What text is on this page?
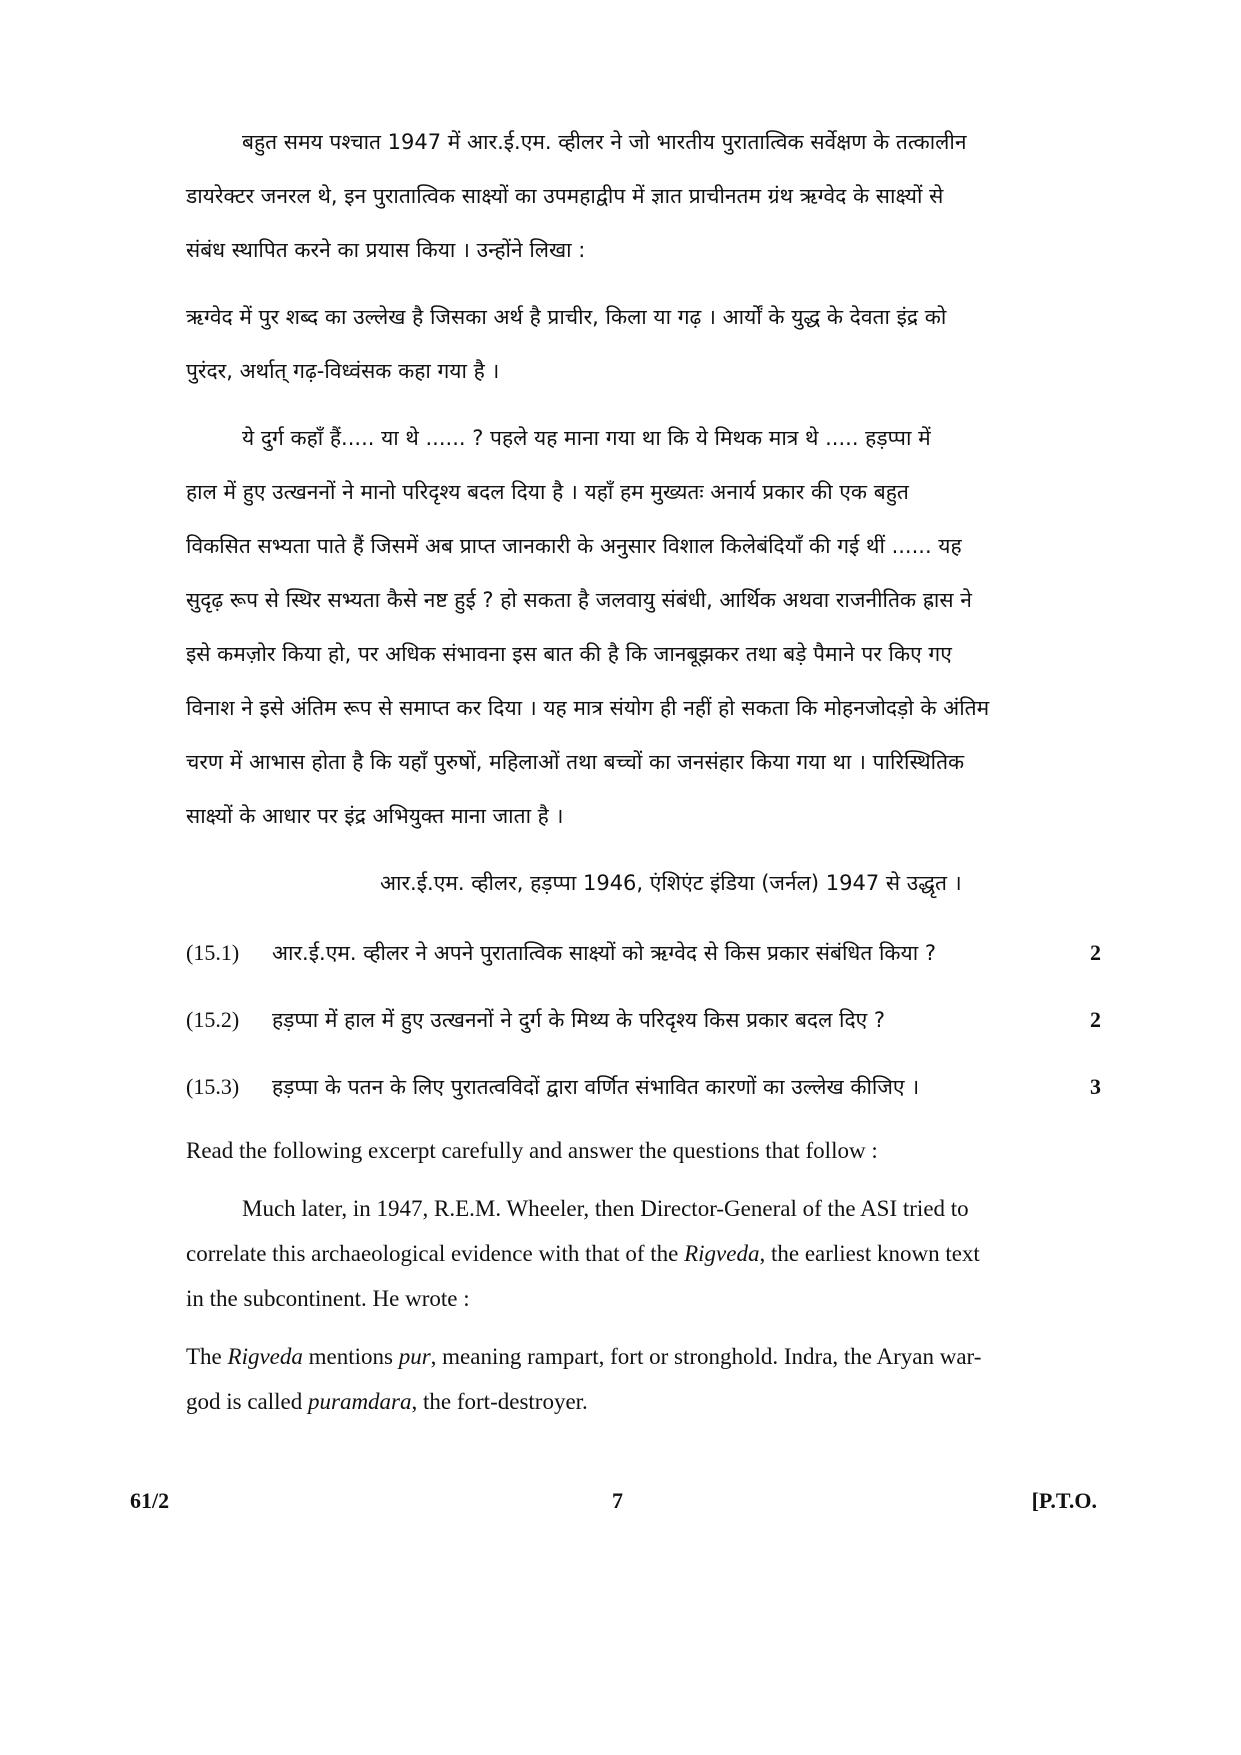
बहुत समय पश्चात 1947 में आर.ई.एम. व्हीलर ने जो भारतीय पुरातात्विक सर्वेक्षण के तत्कालीन
डायरेक्टर जनरल थे, इन पुरातात्विक साक्ष्यों का उपमहाद्वीप में ज्ञात प्राचीनतम ग्रंथ ऋग्वेद के साक्ष्यों से
संबंध स्थापित करने का प्रयास किया । उन्होंने लिखा :
ऋग्वेद में पुर शब्द का उल्लेख है जिसका अर्थ है प्राचीर, किला या गढ़ । आर्यों के युद्ध के देवता इंद्र को
पुरंदर, अर्थात् गढ़-विध्वंसक कहा गया है ।
ये दुर्ग कहाँ हैं..... या थे ...... ? पहले यह माना गया था कि ये मिथक मात्र थे ..... हड़प्पा में
हाल में हुए उत्खननों ने मानो परिदृश्य बदल दिया है । यहाँ हम मुख्यतः अनार्य प्रकार की एक बहुत
विकसित सभ्यता पाते हैं जिसमें अब प्राप्त जानकारी के अनुसार विशाल किलेबंदियाँ की गई थीं ...... यह
सुदृढ़ रूप से स्थिर सभ्यता कैसे नष्ट हुई ? हो सकता है जलवायु संबंधी, आर्थिक अथवा राजनीतिक ह्रास ने
इसे कमज़ोर किया हो, पर अधिक संभावना इस बात की है कि जानबूझकर तथा बड़े पैमाने पर किए गए
विनाश ने इसे अंतिम रूप से समाप्त कर दिया । यह मात्र संयोग ही नहीं हो सकता कि मोहनजोदड़ो के अंतिम
चरण में आभास होता है कि यहाँ पुरुषों, महिलाओं तथा बच्चों का जनसंहार किया गया था । पारिस्थितिक
साक्ष्यों के आधार पर इंद्र अभियुक्त माना जाता है ।
आर.ई.एम. व्हीलर, हड़प्पा 1946, एंशिएंट इंडिया (जर्नल) 1947 से उद्धृत ।
(15.1) आर.ई.एम. व्हीलर ने अपने पुरातात्विक साक्ष्यों को ऋग्वेद से किस प्रकार संबंधित किया ?	2
(15.2) हड़प्पा में हाल में हुए उत्खननों ने दुर्ग के मिथ्य के परिदृश्य किस प्रकार बदल दिए ?	2
(15.3) हड़प्पा के पतन के लिए पुरातत्वविदों द्वारा वर्णित संभावित कारणों का उल्लेख कीजिए ।	3
Read the following excerpt carefully and answer the questions that follow :
Much later, in 1947, R.E.M. Wheeler, then Director-General of the ASI tried to
correlate this archaeological evidence with that of the Rigveda, the earliest known text
in the subcontinent. He wrote :
The Rigveda mentions pur, meaning rampart, fort or stronghold. Indra, the Aryan war-
god is called puramdara, the fort-destroyer.
61/2	7	[P.T.O.
